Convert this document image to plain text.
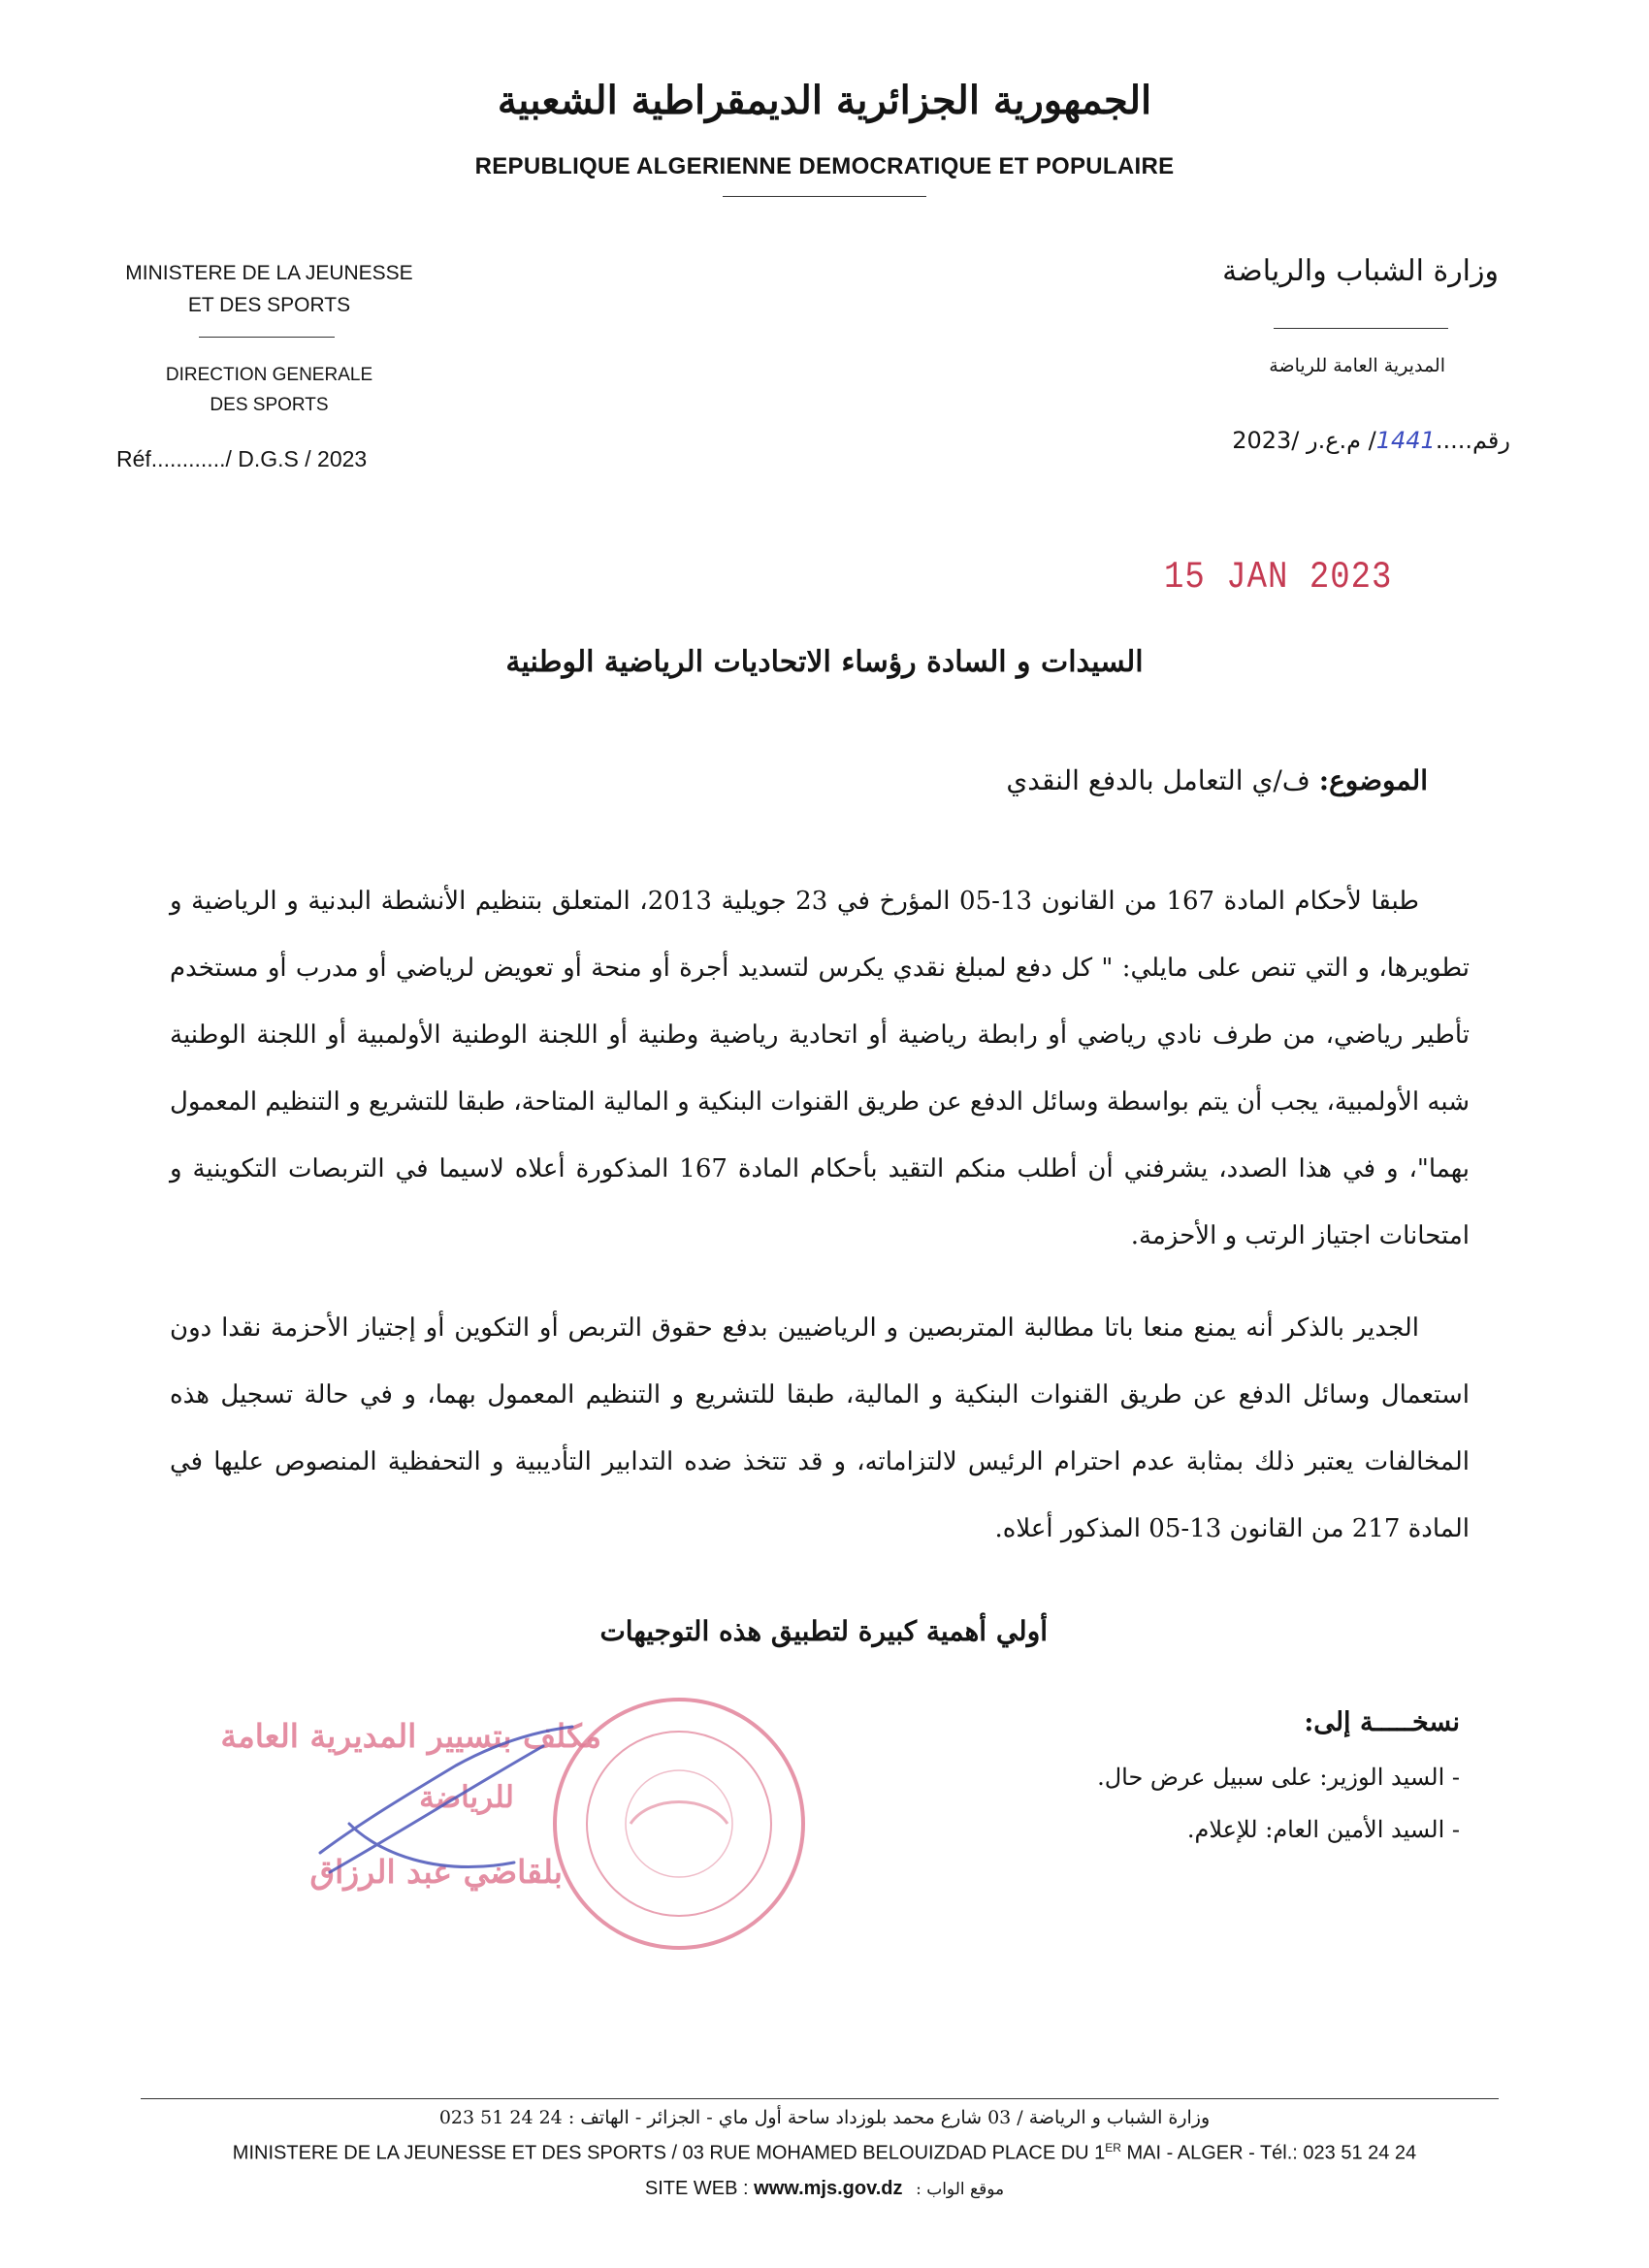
الجمهورية الجزائرية الديمقراطية الشعبية
REPUBLIQUE ALGERIENNE DEMOCRATIQUE ET POPULAIRE
MINISTERE DE LA JEUNESSE
ET DES SPORTS
DIRECTION GENERALE
DES SPORTS
Réf............/ D.G.S / 2023
وزارة الشباب والرياضة
المديرية العامة للرياضة
رقم.....1441/ م.ع.ر /2023
15 JAN 2023
السيدات و السادة رؤساء الاتحاديات الرياضية الوطنية
الموضوع: ف/ي التعامل بالدفع النقدي
طبقا لأحكام المادة 167 من القانون 13-05 المؤرخ في 23 جويلية 2013، المتعلق بتنظيم الأنشطة البدنية و الرياضية و تطويرها، و التي تنص على مايلي: " كل دفع لمبلغ نقدي يكرس لتسديد أجرة أو منحة أو تعويض لرياضي أو مدرب أو مستخدم تأطير رياضي، من طرف نادي رياضي أو رابطة رياضية أو اتحادية رياضية وطنية أو اللجنة الوطنية الأولمبية أو اللجنة الوطنية شبه الأولمبية، يجب أن يتم بواسطة وسائل الدفع عن طريق القنوات البنكية و المالية المتاحة، طبقا للتشريع و التنظيم المعمول بهما"، و في هذا الصدد، يشرفني أن أطلب منكم التقيد بأحكام المادة 167 المذكورة أعلاه لاسيما في التربصات التكوينية و امتحانات اجتياز الرتب و الأحزمة.
الجدير بالذكر أنه يمنع منعا باتا مطالبة المتربصين و الرياضيين بدفع حقوق التربص أو التكوين أو إجتياز الأحزمة نقدا دون استعمال وسائل الدفع عن طريق القنوات البنكية و المالية، طبقا للتشريع و التنظيم المعمول بهما، و في حالة تسجيل هذه المخالفات يعتبر ذلك بمثابة عدم احترام الرئيس لالتزاماته، و قد تتخذ ضده التدابير التأديبية و التحفظية المنصوص عليها في المادة 217 من القانون 13-05 المذكور أعلاه.
أولي أهمية كبيرة لتطبيق هذه التوجيهات
نسخـــــة إلى:
- السيد الوزير: على سبيل عرض حال.
- السيد الأمين العام: للإعلام.
مكلف بتسيير المديرية العامة
للرياضة
بلقاضي عبد الرزاق
وزارة الشباب و الرياضة / 03 شارع محمد بلوزداد ساحة أول ماي - الجزائر - الهاتف : 24 24 51 023
MINISTERE DE LA JEUNESSE ET DES SPORTS / 03 RUE MOHAMED BELOUIZDAD PLACE DU 1ER MAI - ALGER - Tél.: 023 51 24 24
SITE WEB : www.mjs.gov.dz : موقع الواب
